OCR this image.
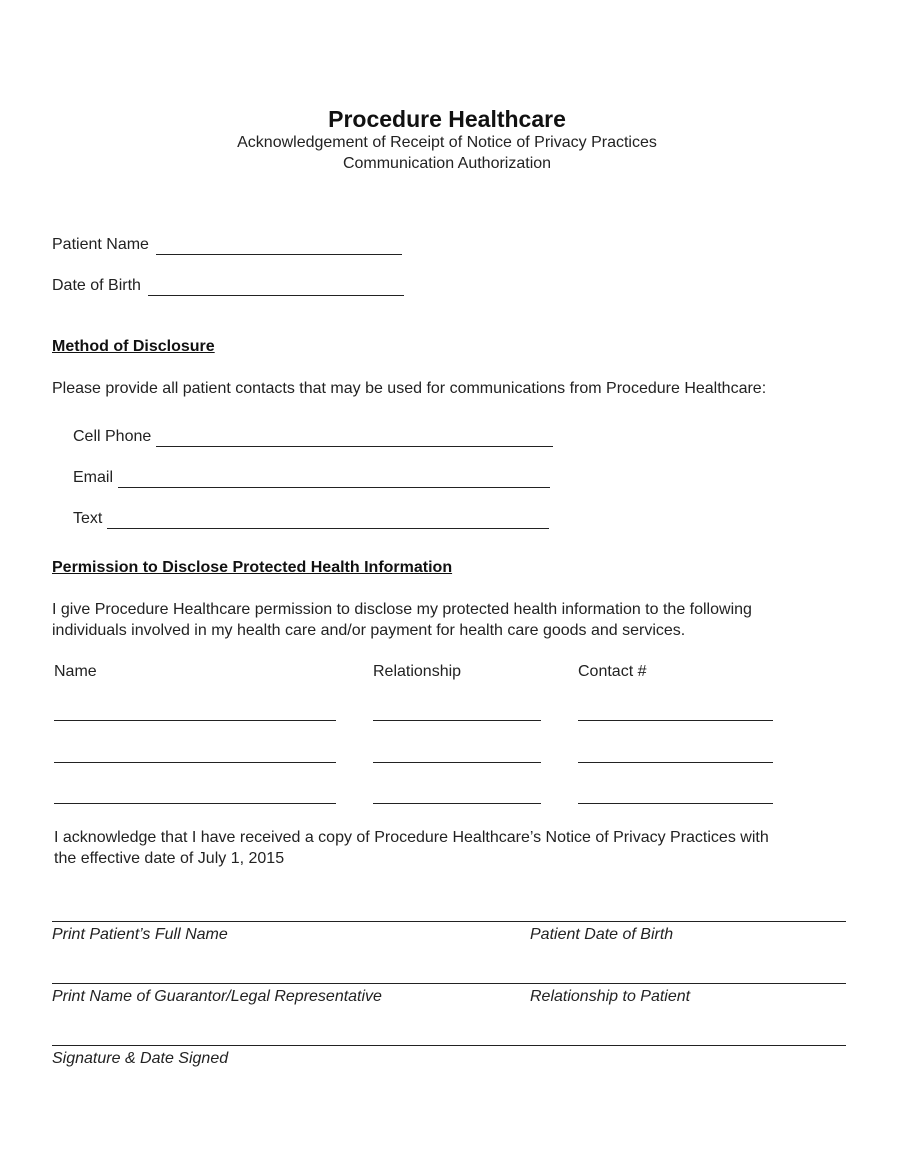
Procedure Healthcare
Acknowledgement of Receipt of Notice of Privacy Practices
Communication Authorization
Patient Name
Date of Birth
Method of Disclosure
Please provide all patient contacts that may be used for communications from Procedure Healthcare:
Cell Phone
Email
Text
Permission to Disclose Protected Health Information
I give Procedure Healthcare permission to disclose my protected health information to the following
individuals involved in my health care and/or payment for health care goods and services.
Name	Relationship	Contact #
I acknowledge that I have received a copy of Procedure Healthcare’s Notice of Privacy Practices with
the effective date of July 1, 2015
Print Patient’s Full Name	Patient Date of Birth
Print Name of Guarantor/Legal Representative	Relationship to Patient
Signature & Date Signed
